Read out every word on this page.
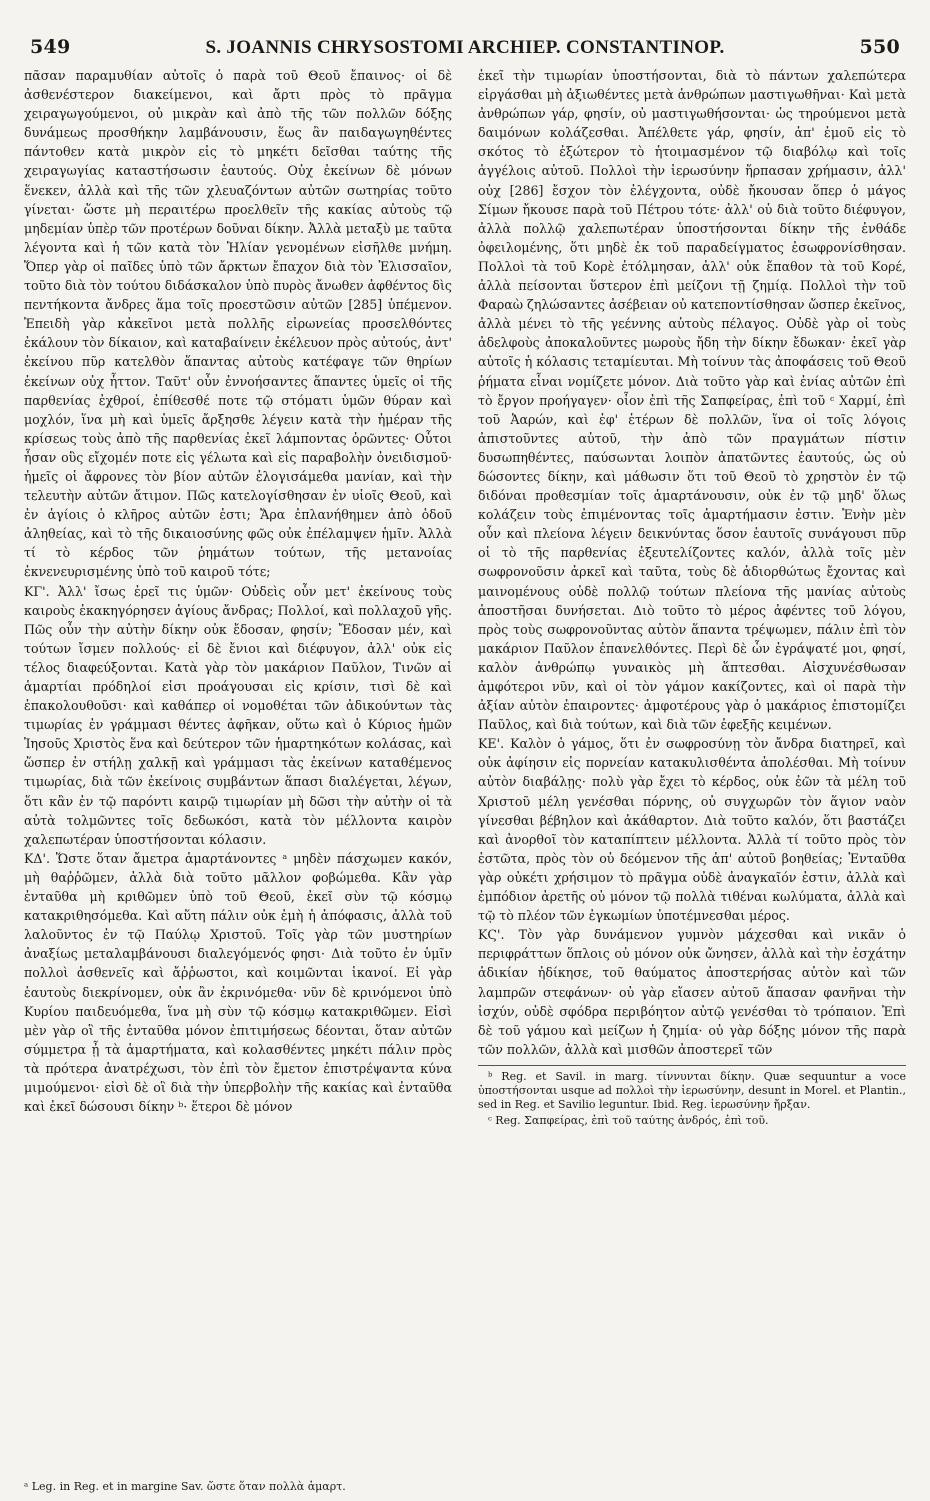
549	S. JOANNIS CHRYSOSTOMI ARCHIEP. CONSTANTINOP.	550

πᾶσαν παραμυθίαν αὐτοῖς ὁ παρὰ τοῦ Θεοῦ ἔπαινος· οἱ δὲ ἀσθενέστερον διακείμενοι, καὶ ἄρτι πρὸς τὸ πρᾶγμα χειραγωγούμενοι, οὐ μικρὰν καὶ ἀπὸ τῆς τῶν πολλῶν δόξης δυνάμεως προσθήκην λαμβάνουσιν, ἕως ἂν παιδαγωγηθέντες πάντοθεν κατὰ μικρὸν εἰς τὸ μηκέτι δεῖσθαι ταύτης τῆς χειραγωγίας καταστήσωσιν ἑαυτούς. Οὐχ ἐκείνων δὲ μόνων ἕνεκεν, ἀλλὰ καὶ τῆς τῶν χλευαζόντων αὐτῶν σωτηρίας τοῦτο γίνεται· ὥστε μὴ περαιτέρω προελθεῖν τῆς κακίας αὐτοὺς τῷ μηδεμίαν ὑπὲρ τῶν προτέρων δοῦναι δίκην. Ἀλλὰ μεταξὺ με ταῦτα λέγοντα καὶ ἡ τῶν κατὰ τὸν Ἡλίαν γενομένων εἰσῆλθε μνήμη. Ὅπερ γὰρ οἱ παῖδες ὑπὸ τῶν ἄρκτων ἔπαχον διὰ τὸν Ἐλισσαῖον, τοῦτο διὰ τὸν τούτου διδάσκαλον ὑπὸ πυρὸς ἄνωθεν ἀφθέντος δὶς πεντήκοντα ἄνδρες ἅμα τοῖς προεστῶσιν αὐτῶν [285] ὑπέμενον. Ἐπειδὴ γὰρ κἀκεῖνοι μετὰ πολλῆς εἰρωνείας προσελθόντες ἐκάλουν τὸν δίκαιον, καὶ καταβαίνειν ἐκέλευον πρὸς αὐτούς, ἀντ' ἐκείνου πῦρ κατελθὸν ἅπαντας αὐτοὺς κατέφαγε τῶν θηρίων ἐκείνων οὐχ ἧττον. Ταῦτ' οὖν ἐννοήσαντες ἅπαντες ὑμεῖς οἱ τῆς παρθενίας ἐχθροί, ἐπίθεσθέ ποτε τῷ στόματι ὑμῶν θύραν καὶ μοχλόν, ἵνα μὴ καὶ ὑμεῖς ἄρξησθε λέγειν κατὰ τὴν ἡμέραν τῆς κρίσεως τοὺς ἀπὸ τῆς παρθενίας ἐκεῖ λάμποντας ὁρῶντες· Οὗτοι ἦσαν οὓς εἴχομέν ποτε εἰς γέλωτα καὶ εἰς παραβολὴν ὀνειδισμοῦ· ἡμεῖς οἱ ἄφρονες τὸν βίον αὐτῶν ἐλογισάμεθα μανίαν, καὶ τὴν τελευτὴν αὐτῶν ἄτιμον. Πῶς κατελογίσθησαν ἐν υἱοῖς Θεοῦ, καὶ ἐν ἁγίοις ὁ κλῆρος αὐτῶν ἐστι; Ἄρα ἐπλανήθημεν ἀπὸ ὁδοῦ ἀληθείας, καὶ τὸ τῆς δικαιοσύνης φῶς οὐκ ἐπέλαμψεν ἡμῖν. Ἀλλὰ τί τὸ κέρδος τῶν ῥημάτων τούτων, τῆς μετανοίας ἐκνενευρισμένης ὑπὸ τοῦ καιροῦ τότε;

ΚΓ'. Ἀλλ' ἴσως ἐρεῖ τις ὑμῶν· Οὐδεὶς οὖν μετ' ἐκείνους τοὺς καιροὺς ἐκακηγόρησεν ἁγίους ἄνδρας; Πολλοί, καὶ πολλαχοῦ γῆς. Πῶς οὖν τὴν αὐτὴν δίκην οὐκ ἔδοσαν, φησίν; Ἔδοσαν μέν, καὶ τούτων ἴσμεν πολλούς· εἰ δὲ ἔνιοι καὶ διέφυγον, ἀλλ' οὐκ εἰς τέλος διαφεύξονται. Κατὰ γὰρ τὸν μακάριον Παῦλον, Τινῶν αἱ ἁμαρτίαι πρόδηλοί εἰσι προάγουσαι εἰς κρίσιν, τισὶ δὲ καὶ ἐπακολουθοῦσι· καὶ καθάπερ οἱ νομοθέται τῶν ἀδικούντων τὰς τιμωρίας ἐν γράμμασι θέντες ἀφῆκαν, οὕτω καὶ ὁ Κύριος ἡμῶν Ἰησοῦς Χριστὸς ἕνα καὶ δεύτερον τῶν ἡμαρτηκότων κολάσας, καὶ ὥσπερ ἐν στήλῃ χαλκῇ καὶ γράμμασι τὰς ἐκείνων καταθέμενος τιμωρίας, διὰ τῶν ἐκείνοις συμβάντων ἅπασι διαλέγεται, λέγων, ὅτι κἂν ἐν τῷ παρόντι καιρῷ τιμωρίαν μὴ δῶσι τὴν αὐτὴν οἱ τὰ αὐτὰ τολμῶντες τοῖς δεδωκόσι, κατὰ τὸν μέλλοντα καιρὸν χαλεπωτέραν ὑποστήσονται κόλασιν.

ΚΔ'. Ὥστε ὅταν ἄμετρα ἁμαρτάνοντες ᵃ μηδὲν πάσχωμεν κακόν, μὴ θαῤῥῶμεν, ἀλλὰ διὰ τοῦτο μᾶλλον φοβώμεθα. Κἂν γὰρ ἐνταῦθα μὴ κριθῶμεν ὑπὸ τοῦ Θεοῦ, ἐκεῖ σὺν τῷ κόσμῳ κατακριθησόμεθα. Καὶ αὕτη πάλιν οὐκ ἐμὴ ἡ ἀπόφασις, ἀλλὰ τοῦ λαλοῦντος ἐν τῷ Παύλῳ Χριστοῦ. Τοῖς γὰρ τῶν μυστηρίων ἀναξίως μεταλαμβάνουσι διαλεγόμενός φησι· Διὰ τοῦτο ἐν ὑμῖν πολλοὶ ἀσθενεῖς καὶ ἄῤῥωστοι, καὶ κοιμῶνται ἱκανοί. Εἰ γὰρ ἑαυτοὺς διεκρίνομεν, οὐκ ἂν ἐκρινόμεθα· νῦν δὲ κρινόμενοι ὑπὸ Κυρίου παιδευόμεθα, ἵνα μὴ σὺν τῷ κόσμῳ κατακριθῶμεν. Εἰσὶ μὲν γὰρ οἳ τῆς ἐνταῦθα μόνον ἐπιτιμήσεως δέονται, ὅταν αὐτῶν σύμμετρα ᾖ τὰ ἁμαρτήματα, καὶ κολασθέντες μηκέτι πάλιν πρὸς τὰ πρότερα ἀνατρέχωσι, τὸν ἐπὶ τὸν ἔμετον ἐπιστρέψαντα κύνα μιμούμενοι· εἰσὶ δὲ οἳ διὰ τὴν ὑπερβολὴν τῆς κακίας καὶ ἐνταῦθα καὶ ἐκεῖ δώσουσι δίκην ᵇ· ἕτεροι δὲ μόνον

ἐκεῖ τὴν τιμωρίαν ὑποστήσονται, διὰ τὸ πάντων χαλεπώτερα εἰργάσθαι μὴ ἀξιωθέντες μετὰ ἀνθρώπων μαστιγωθῆναι· Καὶ μετὰ ἀνθρώπων γάρ, φησίν, οὐ μαστιγωθήσονται· ὡς τηρούμενοι μετὰ δαιμόνων κολάζεσθαι. Ἀπέλθετε γάρ, φησίν, ἀπ' ἐμοῦ εἰς τὸ σκότος τὸ ἐξώτερον τὸ ἡτοιμασμένον τῷ διαβόλῳ καὶ τοῖς ἀγγέλοις αὐτοῦ. Πολλοὶ τὴν ἱερωσύνην ἥρπασαν χρήμασιν, ἀλλ' οὐχ [286] ἔσχον τὸν ἐλέγχοντα, οὐδὲ ἤκουσαν ὅπερ ὁ μάγος Σίμων ἤκουσε παρὰ τοῦ Πέτρου τότε· ἀλλ' οὐ διὰ τοῦτο διέφυγον, ἀλλὰ πολλῷ χαλεπωτέραν ὑποστήσονται δίκην τῆς ἐνθάδε ὀφειλομένης, ὅτι μηδὲ ἐκ τοῦ παραδείγματος ἐσωφρονίσθησαν. Πολλοὶ τὰ τοῦ Κορὲ ἐτόλμησαν, ἀλλ' οὐκ ἔπαθον τὰ τοῦ Κορέ, ἀλλὰ πείσονται ὕστερον ἐπὶ μείζονι τῇ ζημίᾳ. Πολλοὶ τὴν τοῦ Φαραὼ ζηλώσαντες ἀσέβειαν οὐ κατεποντίσθησαν ὥσπερ ἐκεῖνος, ἀλλὰ μένει τὸ τῆς γεέννης αὐτοὺς πέλαγος. Οὐδὲ γὰρ οἱ τοὺς ἀδελφοὺς ἀποκαλοῦντες μωροὺς ἤδη τὴν δίκην ἔδωκαν· ἐκεῖ γὰρ αὐτοῖς ἡ κόλασις τεταμίευται. Μὴ τοίνυν τὰς ἀποφάσεις τοῦ Θεοῦ ῥήματα εἶναι νομίζετε μόνον. Διὰ τοῦτο γὰρ καὶ ἐνίας αὐτῶν ἐπὶ τὸ ἔργον προήγαγεν· οἷον ἐπὶ τῆς Σαπφείρας, ἐπὶ τοῦ ᶜ Χαρμί, ἐπὶ τοῦ Ἀαρών, καὶ ἐφ' ἑτέρων δὲ πολλῶν, ἵνα οἱ τοῖς λόγοις ἀπιστοῦντες αὐτοῦ, τὴν ἀπὸ τῶν πραγμάτων πίστιν δυσωπηθέντες, παύσωνται λοιπὸν ἀπατῶντες ἑαυτούς, ὡς οὐ δώσοντες δίκην, καὶ μάθωσιν ὅτι τοῦ Θεοῦ τὸ χρηστὸν ἐν τῷ διδόναι προθεσμίαν τοῖς ἁμαρτάνουσιν, οὐκ ἐν τῷ μηδ' ὅλως κολάζειν τοὺς ἐπιμένοντας τοῖς ἁμαρτήμασιν ἐστιν. Ἐνὴν μὲν οὖν καὶ πλείονα λέγειν δεικνύντας ὅσον ἑαυτοῖς συνάγουσι πῦρ οἱ τὸ τῆς παρθενίας ἐξευτελίζοντες καλόν, ἀλλὰ τοῖς μὲν σωφρονοῦσιν ἀρκεῖ καὶ ταῦτα, τοὺς δὲ ἀδιορθώτως ἔχοντας καὶ μαινομένους οὐδὲ πολλῷ τούτων πλείονα τῆς μανίας αὐτοὺς ἀποστῆσαι δυνήσεται. Διὸ τοῦτο τὸ μέρος ἀφέντες τοῦ λόγου, πρὸς τοὺς σωφρονοῦντας αὐτὸν ἅπαντα τρέψωμεν, πάλιν ἐπὶ τὸν μακάριον Παῦλον ἐπανελθόντες. Περὶ δὲ ὧν ἐγράψατέ μοι, φησί, καλὸν ἀνθρώπῳ γυναικὸς μὴ ἅπτεσθαι. Αἰσχυνέσθωσαν ἀμφότεροι νῦν, καὶ οἱ τὸν γάμον κακίζοντες, καὶ οἱ παρὰ τὴν ἀξίαν αὐτὸν ἐπαιροντες· ἀμφοτέρους γὰρ ὁ μακάριος ἐπιστομίζει Παῦλος, καὶ διὰ τούτων, καὶ διὰ τῶν ἐφεξῆς κειμένων.

ΚΕ'. Καλὸν ὁ γάμος, ὅτι ἐν σωφροσύνῃ τὸν ἄνδρα διατηρεῖ, καὶ οὐκ ἀφίησιν εἰς πορνείαν κατακυλισθέντα ἀπολέσθαι. Μὴ τοίνυν αὐτὸν διαβάλῃς· πολὺ γὰρ ἔχει τὸ κέρδος, οὐκ ἐῶν τὰ μέλη τοῦ Χριστοῦ μέλη γενέσθαι πόρνης, οὐ συγχωρῶν τὸν ἅγιον ναὸν γίνεσθαι βέβηλον καὶ ἀκάθαρτον. Διὰ τοῦτο καλόν, ὅτι βαστάζει καὶ ἀνορθοῖ τὸν καταπίπτειν μέλλοντα. Ἀλλὰ τί τοῦτο πρὸς τὸν ἑστῶτα, πρὸς τὸν οὐ δεόμενον τῆς ἀπ' αὐτοῦ βοηθείας; Ἐνταῦθα γὰρ οὐκέτι χρήσιμον τὸ πρᾶγμα οὐδὲ ἀναγκαῖόν ἐστιν, ἀλλὰ καὶ ἐμπόδιον ἀρετῆς οὐ μόνον τῷ πολλὰ τιθέναι κωλύματα, ἀλλὰ καὶ τῷ τὸ πλέον τῶν ἐγκωμίων ὑποτέμνεσθαι μέρος.

ΚϚ'. Τὸν γὰρ δυνάμενον γυμνὸν μάχεσθαι καὶ νικᾶν ὁ περιφράττων ὅπλοις οὐ μόνον οὐκ ὤνησεν, ἀλλὰ καὶ τὴν ἐσχάτην ἀδικίαν ἠδίκησε, τοῦ θαύματος ἀποστερήσας αὐτὸν καὶ τῶν λαμπρῶν στεφάνων· οὐ γὰρ εἴασεν αὐτοῦ ἅπασαν φανῆναι τὴν ἰσχύν, οὐδὲ σφόδρα περιβόητον αὐτῷ γενέσθαι τὸ τρόπαιον. Ἐπὶ δὲ τοῦ γάμου καὶ μείζων ἡ ζημία· οὐ γὰρ δόξης μόνον τῆς παρὰ τῶν πολλῶν, ἀλλὰ καὶ μισθῶν ἀποστερεῖ τῶν

ᵇ Reg. et Savil. in marg. τίννυνται δίκην. Quæ sequuntur a voce ὑποστήσονται usque ad πολλοὶ τὴν ἱερωσύνην, desunt in Morel. et Plantin., sed in Reg. et Savilio leguntur. Ibid. Reg. ἱερωσύνην ἤρξαν.

ᶜ Reg. Σαπφείρας, ἐπὶ τοῦ ταύτης ἀνδρός, ἐπὶ τοῦ.

ᵃ Leg. in Reg. et in margine Sav. ὥστε ὅταν πολλὰ ἁμαρτ.
